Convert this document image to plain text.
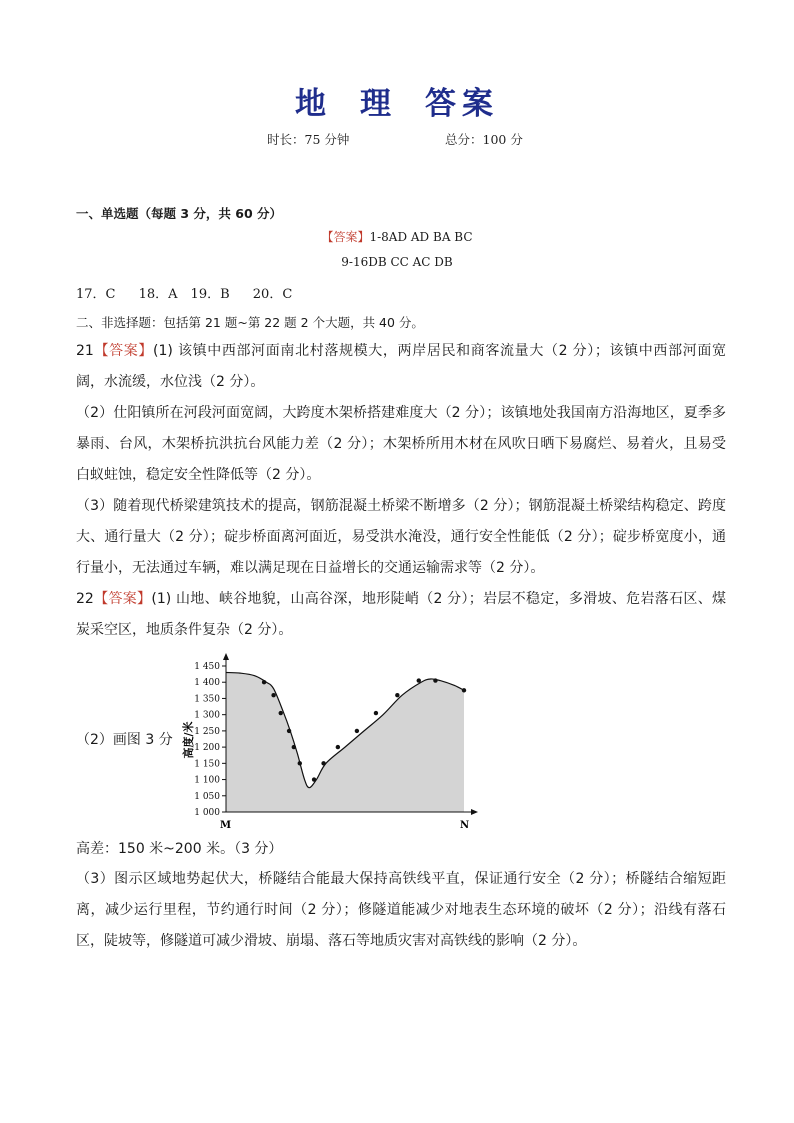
地 理 答案
时长：75 分钟	总分：100 分
一、单选题（每题 3 分，共 60 分）
【答案】1-8AD AD BA BC
9-16DB CC AC DB
17．C　 18．A　19．B　 20．C
二、非选择题：包括第 21 题~第 22 题 2 个大题，共 40 分。
21【答案】(1) 该镇中西部河面南北村落规模大，两岸居民和商客流量大（2 分）；该镇中西部河面宽阔，水流缓，水位浅（2 分）。
（2）仕阳镇所在河段河面宽阔，大跨度木架桥搭建难度大（2 分）；该镇地处我国南方沿海地区，夏季多暴雨、台风，木架桥抗洪抗台风能力差（2 分）；木架桥所用木材在风吹日晒下易腐烂、易着火，且易受白蚁蛀蚀，稳定安全性降低等（2 分）。
（3）随着现代桥梁建筑技术的提高，钢筋混凝土桥梁不断增多（2 分）；钢筋混凝土桥梁结构稳定、跨度大、通行量大（2 分）；碇步桥面离河面近，易受洪水淹没，通行安全性能低（2 分）；碇步桥宽度小，通行量小，无法通过车辆，难以满足现在日益增长的交通运输需求等（2 分）。
22【答案】(1) 山地、峡谷地貌，山高谷深，地形陡峭（2 分）；岩层不稳定，多滑坡、危岩落石区、煤炭采空区，地质条件复杂（2 分）。
（2）画图 3 分
1 000
1 050
1 100
1 150
1 200
1 250
1 300
1 350
1 400
1 450
高度/米
M	N
高差：150 米~200 米。（3 分）
（3）图示区域地势起伏大，桥隧结合能最大保持高铁线平直，保证通行安全（2 分）；桥隧结合缩短距离，减少运行里程，节约通行时间（2 分）；修隧道能减少对地表生态环境的破坏（2 分）；沿线有落石区，陡坡等，修隧道可减少滑坡、崩塌、落石等地质灾害对高铁线的影响（2 分）。
